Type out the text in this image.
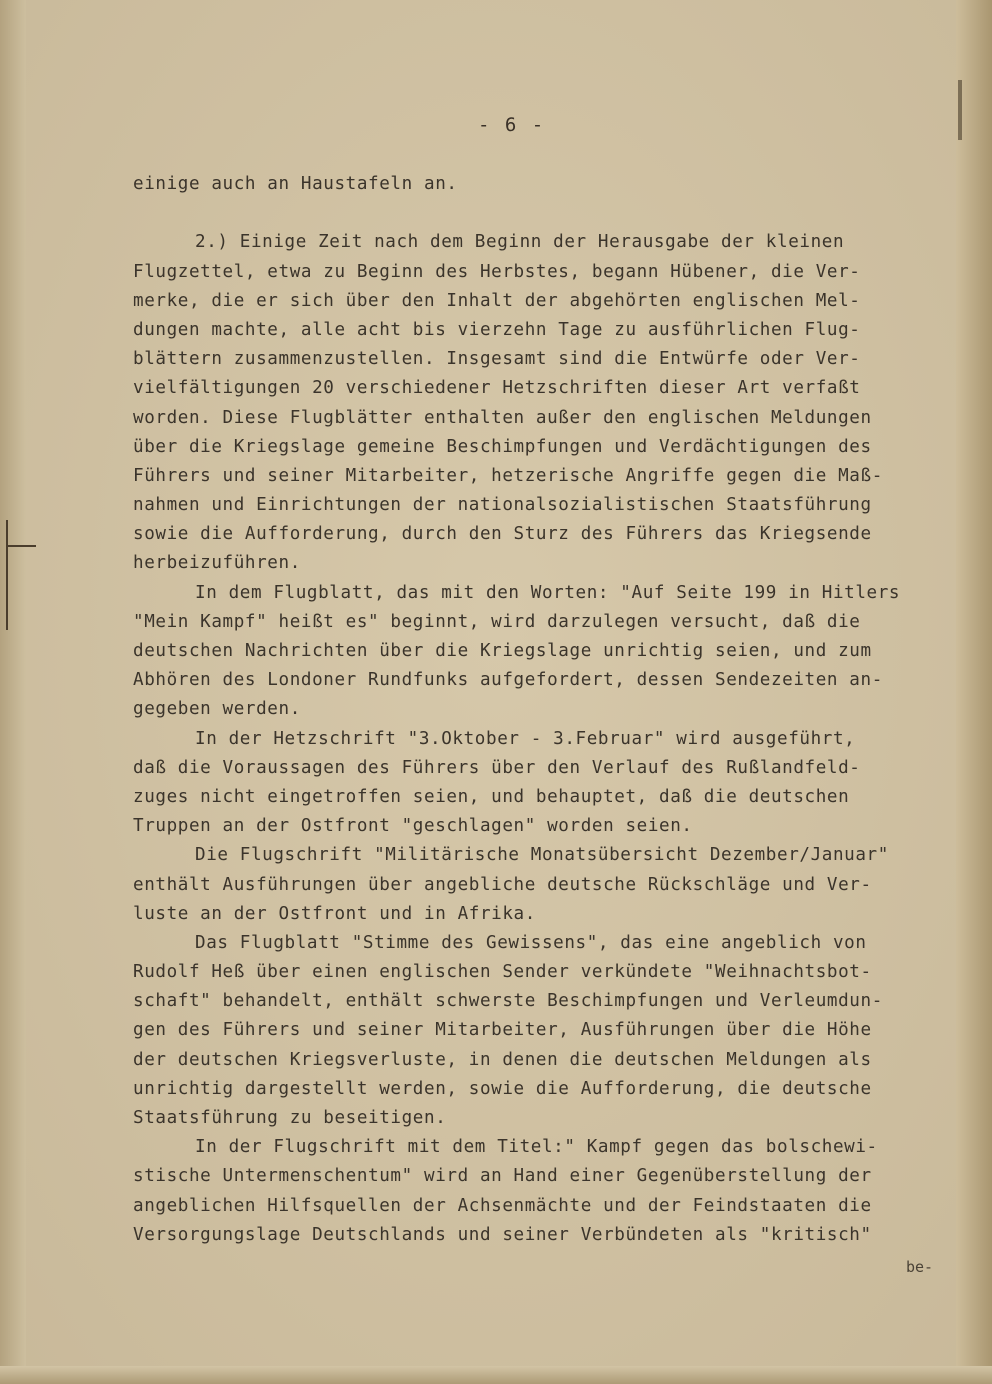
- 6 -
einige auch an Haustafeln an.
2.) Einige Zeit nach dem Beginn der Herausgabe der kleinen
Flugzettel, etwa zu Beginn des Herbstes, begann Hübener, die Ver-
merke, die er sich über den Inhalt der abgehörten englischen Mel-
dungen machte, alle acht bis vierzehn Tage zu ausführlichen Flug-
blättern zusammenzustellen. Insgesamt sind die Entwürfe oder Ver-
vielfältigungen 20 verschiedener Hetzschriften dieser Art verfaßt
worden. Diese Flugblätter enthalten außer den englischen Meldungen
über die Kriegslage gemeine Beschimpfungen und Verdächtigungen des
Führers und seiner Mitarbeiter, hetzerische Angriffe gegen die Maß-
nahmen und Einrichtungen der nationalsozialistischen Staatsführung
sowie die Aufforderung, durch den Sturz des Führers das Kriegsende
herbeizuführen.
In dem Flugblatt, das mit den Worten: "Auf Seite 199 in Hitlers
"Mein Kampf" heißt es" beginnt, wird darzulegen versucht, daß die
deutschen Nachrichten über die Kriegslage unrichtig seien, und zum
Abhören des Londoner Rundfunks aufgefordert, dessen Sendezeiten an-
gegeben werden.
In der Hetzschrift "3.Oktober - 3.Februar" wird ausgeführt,
daß die Voraussagen des Führers über den Verlauf des Rußlandfeld-
zuges nicht eingetroffen seien, und behauptet, daß die deutschen
Truppen an der Ostfront "geschlagen" worden seien.
Die Flugschrift "Militärische Monatsübersicht Dezember/Januar"
enthält Ausführungen über angebliche deutsche Rückschläge und Ver-
luste an der Ostfront und in Afrika.
Das Flugblatt "Stimme des Gewissens", das eine angeblich von
Rudolf Heß über einen englischen Sender verkündete "Weihnachtsbot-
schaft" behandelt, enthält schwerste Beschimpfungen und Verleumdun-
gen des Führers und seiner Mitarbeiter, Ausführungen über die Höhe
der deutschen Kriegsverluste, in denen die deutschen Meldungen als
unrichtig dargestellt werden, sowie die Aufforderung, die deutsche
Staatsführung zu beseitigen.
In der Flugschrift mit dem Titel:" Kampf gegen das bolschewi-
stische Untermenschentum" wird an Hand einer Gegenüberstellung der
angeblichen Hilfsquellen der Achsenmächte und der Feindstaaten die
Versorgungslage Deutschlands und seiner Verbündeten als "kritisch"
be-
